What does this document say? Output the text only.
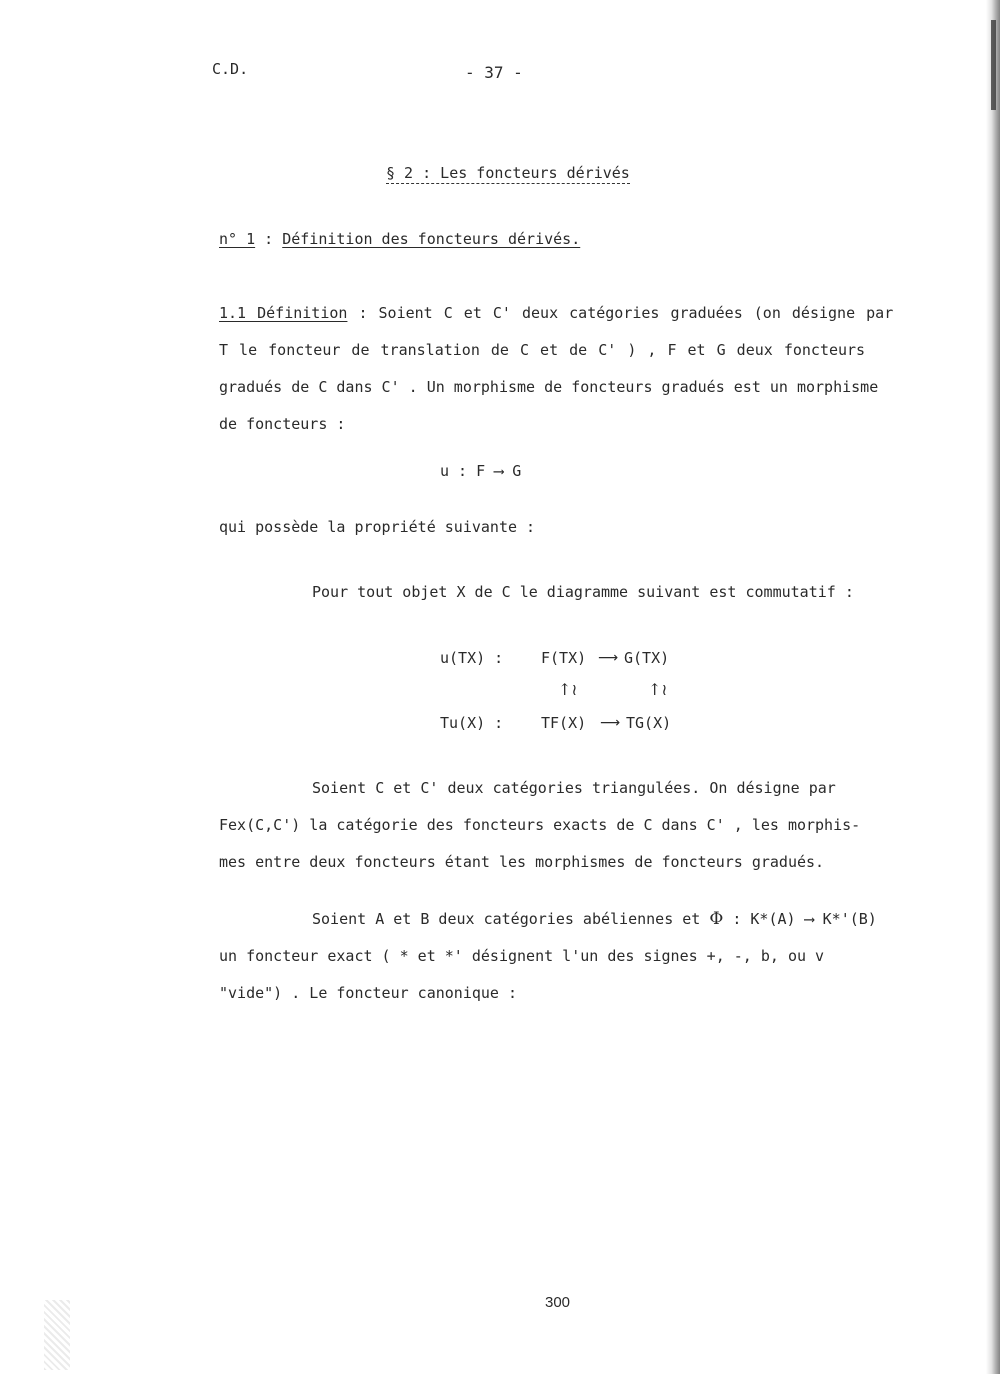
C.D.	- 37 -
§ 2 : Les foncteurs dérivés
n° 1 : Définition des foncteurs dérivés.
1.1 Définition : Soient C et C' deux catégories graduées (on désigne par
T le foncteur de translation de C et de C' ) , F et G deux foncteurs
gradués de C dans C' . Un morphisme de foncteurs gradués est un morphisme
de foncteurs :
u : F ⟶ G
qui possède la propriété suivante :
Pour tout objet X de C le diagramme suivant est commutatif :
u(TX) :	F(TX) ⟶ G(TX)
↑≀	↑≀
Tu(X) :	TF(X) ⟶ TG(X)
Soient C et C' deux catégories triangulées. On désigne par
Fex(C,C') la catégorie des foncteurs exacts de C dans C' , les morphis-
mes entre deux foncteurs étant les morphismes de foncteurs gradués.
Soient A et B deux catégories abéliennes et Φ : K*(A) ⟶ K*'(B)
un foncteur exact ( * et *' désignent l'un des signes +, -, b, ou v
"vide") . Le foncteur canonique :
300
